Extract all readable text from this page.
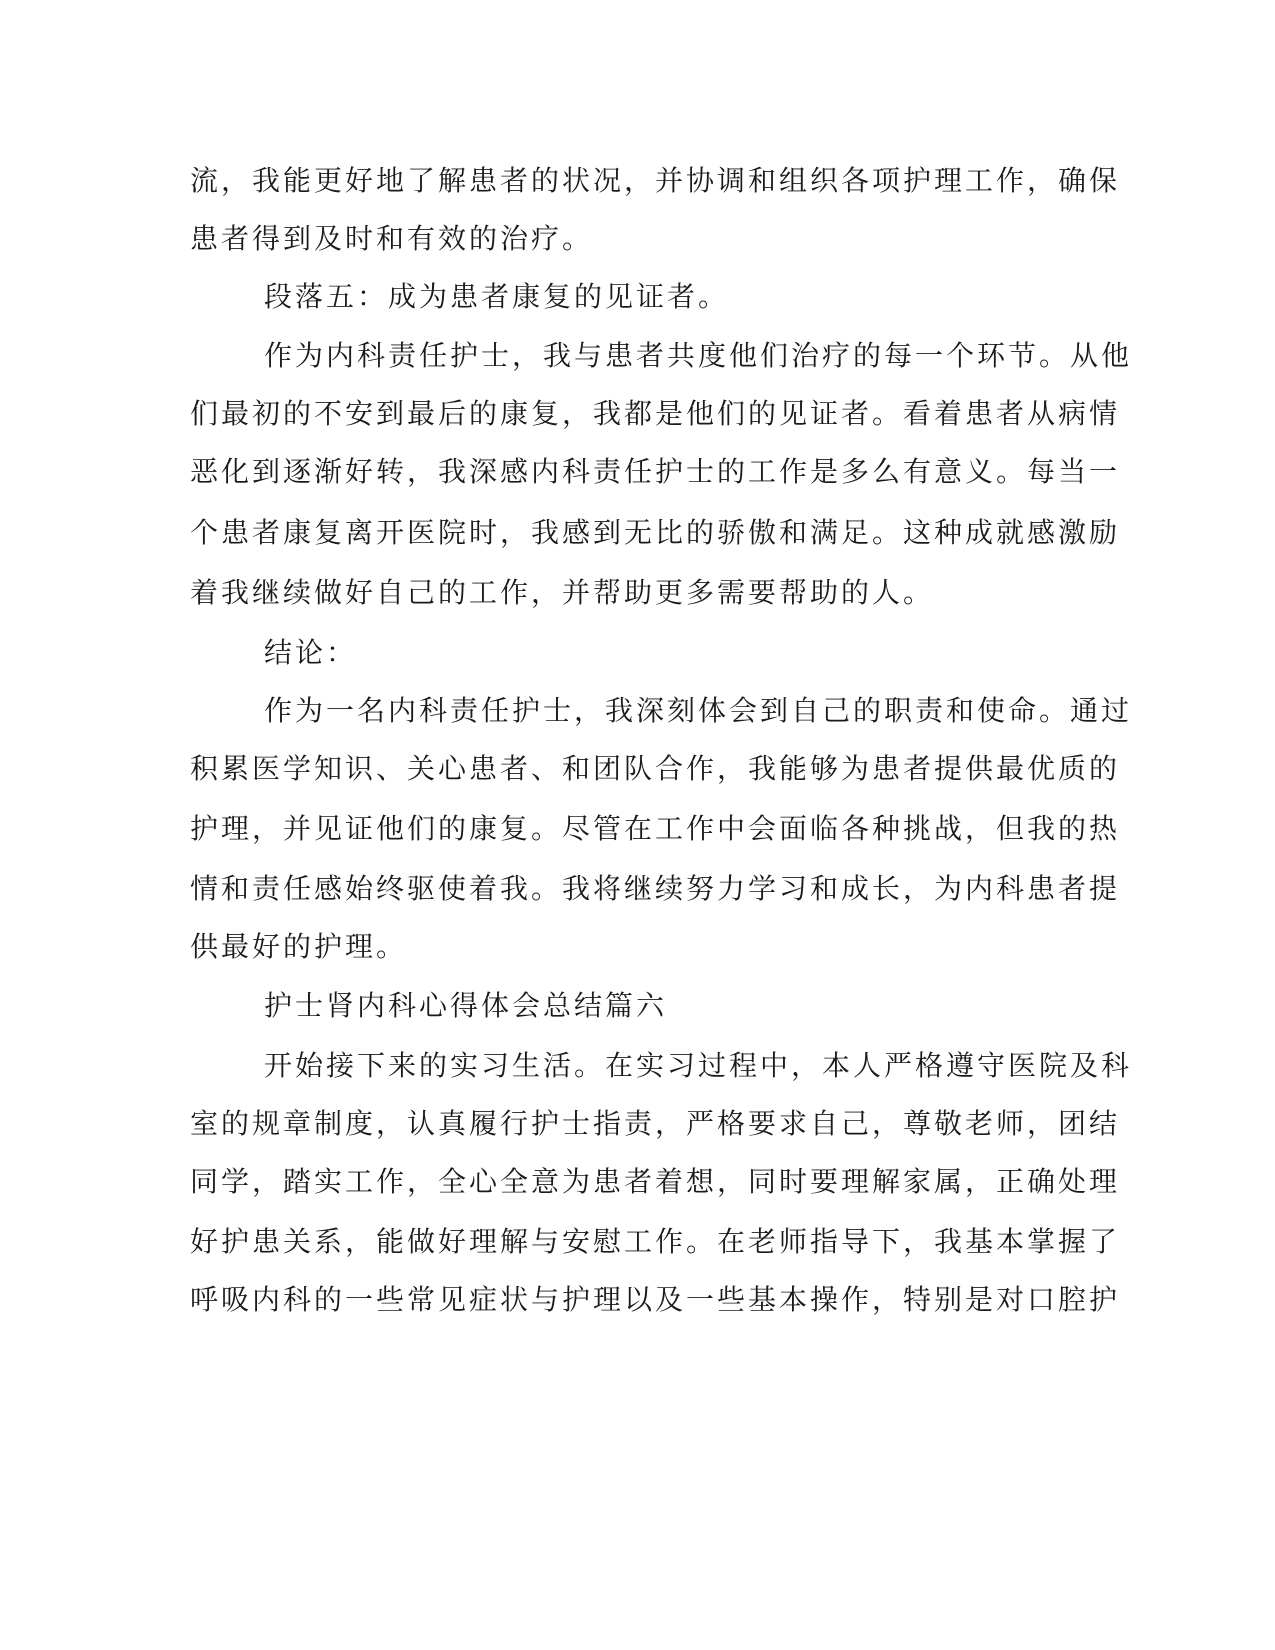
流，我能更好地了解患者的状况，并协调和组织各项护理工作，确保
患者得到及时和有效的治疗。
段落五：成为患者康复的见证者。
作为内科责任护士，我与患者共度他们治疗的每一个环节。从他
们最初的不安到最后的康复，我都是他们的见证者。看着患者从病情
恶化到逐渐好转，我深感内科责任护士的工作是多么有意义。每当一
个患者康复离开医院时，我感到无比的骄傲和满足。这种成就感激励
着我继续做好自己的工作，并帮助更多需要帮助的人。
结论：
作为一名内科责任护士，我深刻体会到自己的职责和使命。通过
积累医学知识、关心患者、和团队合作，我能够为患者提供最优质的
护理，并见证他们的康复。尽管在工作中会面临各种挑战，但我的热
情和责任感始终驱使着我。我将继续努力学习和成长，为内科患者提
供最好的护理。
护士肾内科心得体会总结篇六
开始接下来的实习生活。在实习过程中，本人严格遵守医院及科
室的规章制度，认真履行护士指责，严格要求自己，尊敬老师，团结
同学，踏实工作，全心全意为患者着想，同时要理解家属，正确处理
好护患关系，能做好理解与安慰工作。在老师指导下，我基本掌握了
呼吸内科的一些常见症状与护理以及一些基本操作，特别是对口腔护
